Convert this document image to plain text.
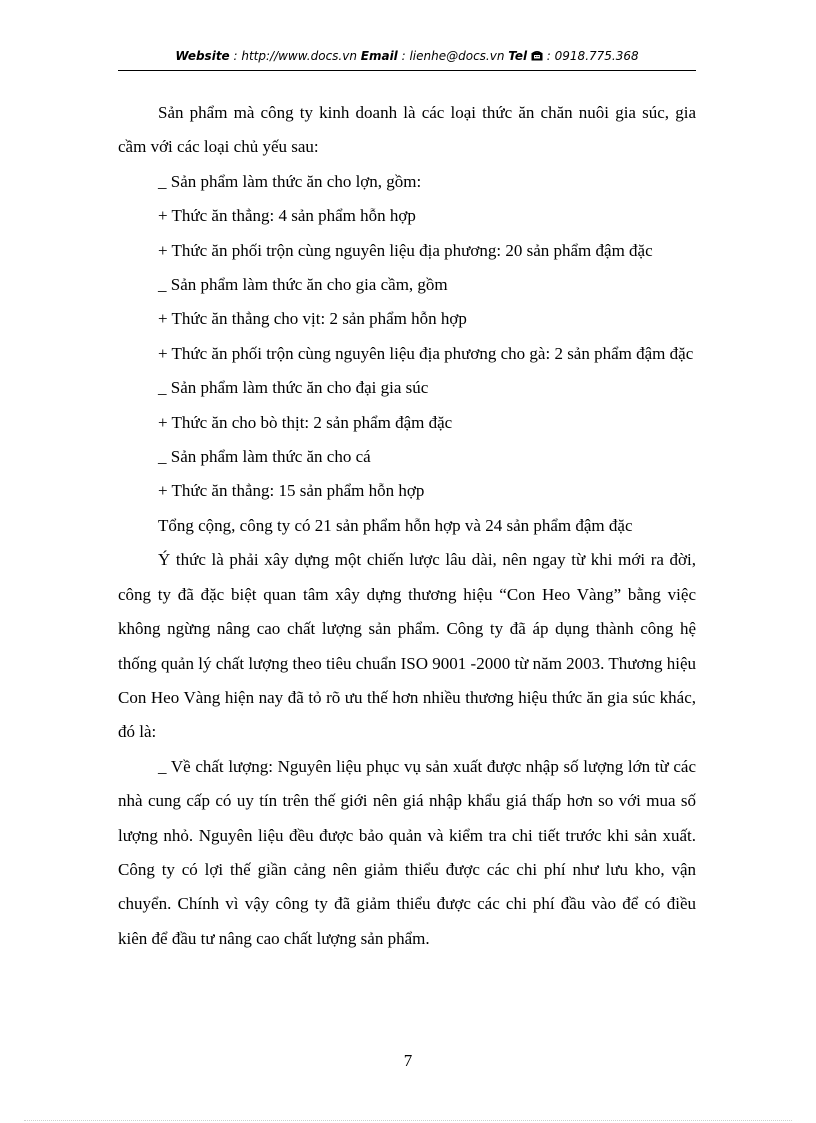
Website : http://www.docs.vn Email : lienhe@docs.vn Tel  : 0918.775.368

Sản phẩm mà công ty kinh doanh là các loại thức ăn chăn nuôi gia súc, gia cầm với các loại chủ yếu sau:

_ Sản phẩm làm thức ăn cho lợn, gồm:

+ Thức ăn thẳng: 4 sản phẩm hỗn hợp

+ Thức ăn phối trộn cùng nguyên liệu địa phương: 20 sản phẩm đậm đặc

_ Sản phẩm làm thức ăn cho gia cầm, gồm

+ Thức ăn thẳng cho vịt: 2 sản phẩm hỗn hợp

+ Thức ăn phối trộn cùng nguyên liệu địa phương cho gà: 2 sản phẩm đậm đặc

_ Sản phẩm làm thức ăn cho đại gia súc

+ Thức ăn cho bò thịt: 2 sản phẩm đậm đặc

_ Sản phẩm làm thức ăn cho cá

+ Thức ăn thẳng: 15 sản phẩm hỗn hợp

Tổng cộng, công ty có 21 sản phẩm hỗn hợp và 24 sản phẩm đậm đặc

Ý thức là phải xây dựng một chiến lược lâu dài, nên ngay từ khi mới ra đời, công ty đã đặc biệt quan tâm xây dựng thương hiệu “Con Heo Vàng” bằng việc không ngừng nâng cao chất lượng sản phẩm. Công ty đã áp dụng thành công hệ thống quản lý chất lượng theo tiêu chuẩn ISO 9001 -2000 từ năm 2003. Thương hiệu Con Heo Vàng hiện nay đã tỏ rõ ưu thế hơn nhiều thương hiệu thức ăn gia súc khác, đó là:

_ Về chất lượng: Nguyên liệu phục vụ sản xuất được nhập số lượng lớn từ các nhà cung cấp có uy tín trên thế giới nên giá nhập khẩu giá thấp hơn so với mua số lượng nhỏ. Nguyên liệu đều được bảo quản và kiểm tra chi tiết trước khi sản xuất. Công ty có lợi thế giần cảng nên giảm thiểu được các chi phí như lưu kho, vận chuyển. Chính vì vậy công ty đã giảm thiểu được các chi phí đầu vào để có điều kiên để đầu tư nâng cao chất lượng sản phẩm.

7
